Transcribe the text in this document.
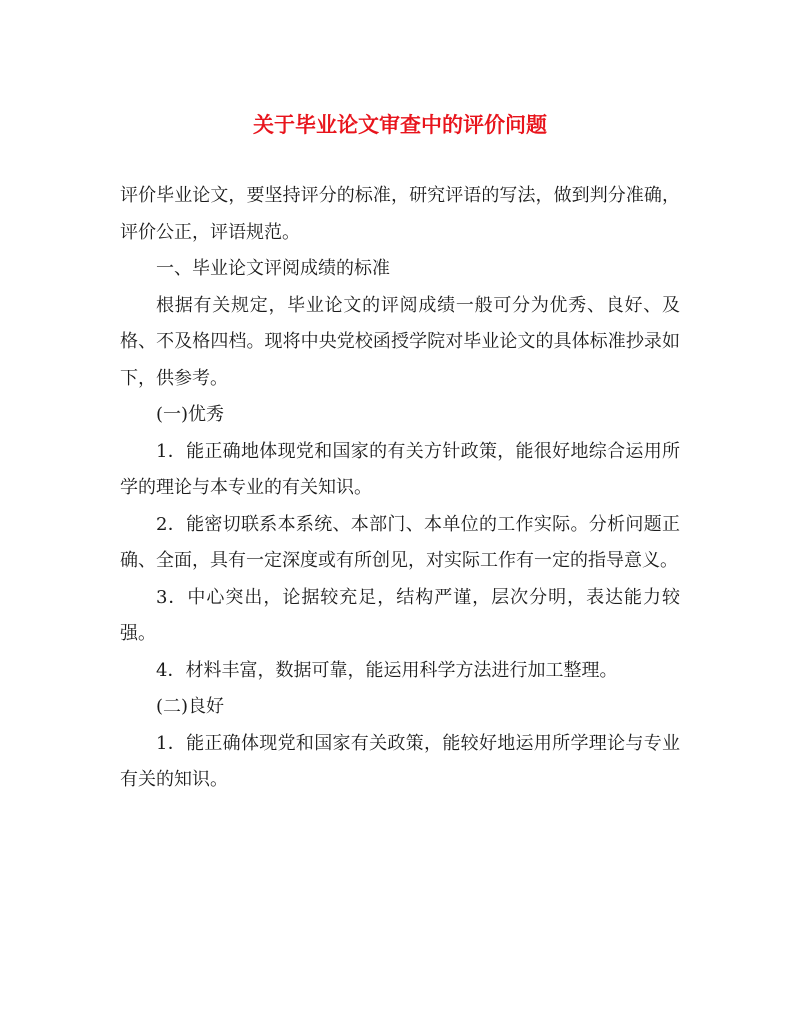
关于毕业论文审查中的评价问题

评价毕业论文，要坚持评分的标准，研究评语的写法，做到判分准确，评价公正，评语规范。

一、毕业论文评阅成绩的标准

根据有关规定，毕业论文的评阅成绩一般可分为优秀、良好、及格、不及格四档。现将中央党校函授学院对毕业论文的具体标准抄录如下，供参考。

(一)优秀

1．能正确地体现党和国家的有关方针政策，能很好地综合运用所学的理论与本专业的有关知识。

2．能密切联系本系统、本部门、本单位的工作实际。分析问题正确、全面，具有一定深度或有所创见，对实际工作有一定的指导意义。

3．中心突出，论据较充足，结构严谨，层次分明，表达能力较强。

4．材料丰富，数据可靠，能运用科学方法进行加工整理。

(二)良好

1．能正确体现党和国家有关政策，能较好地运用所学理论与专业有关的知识。
